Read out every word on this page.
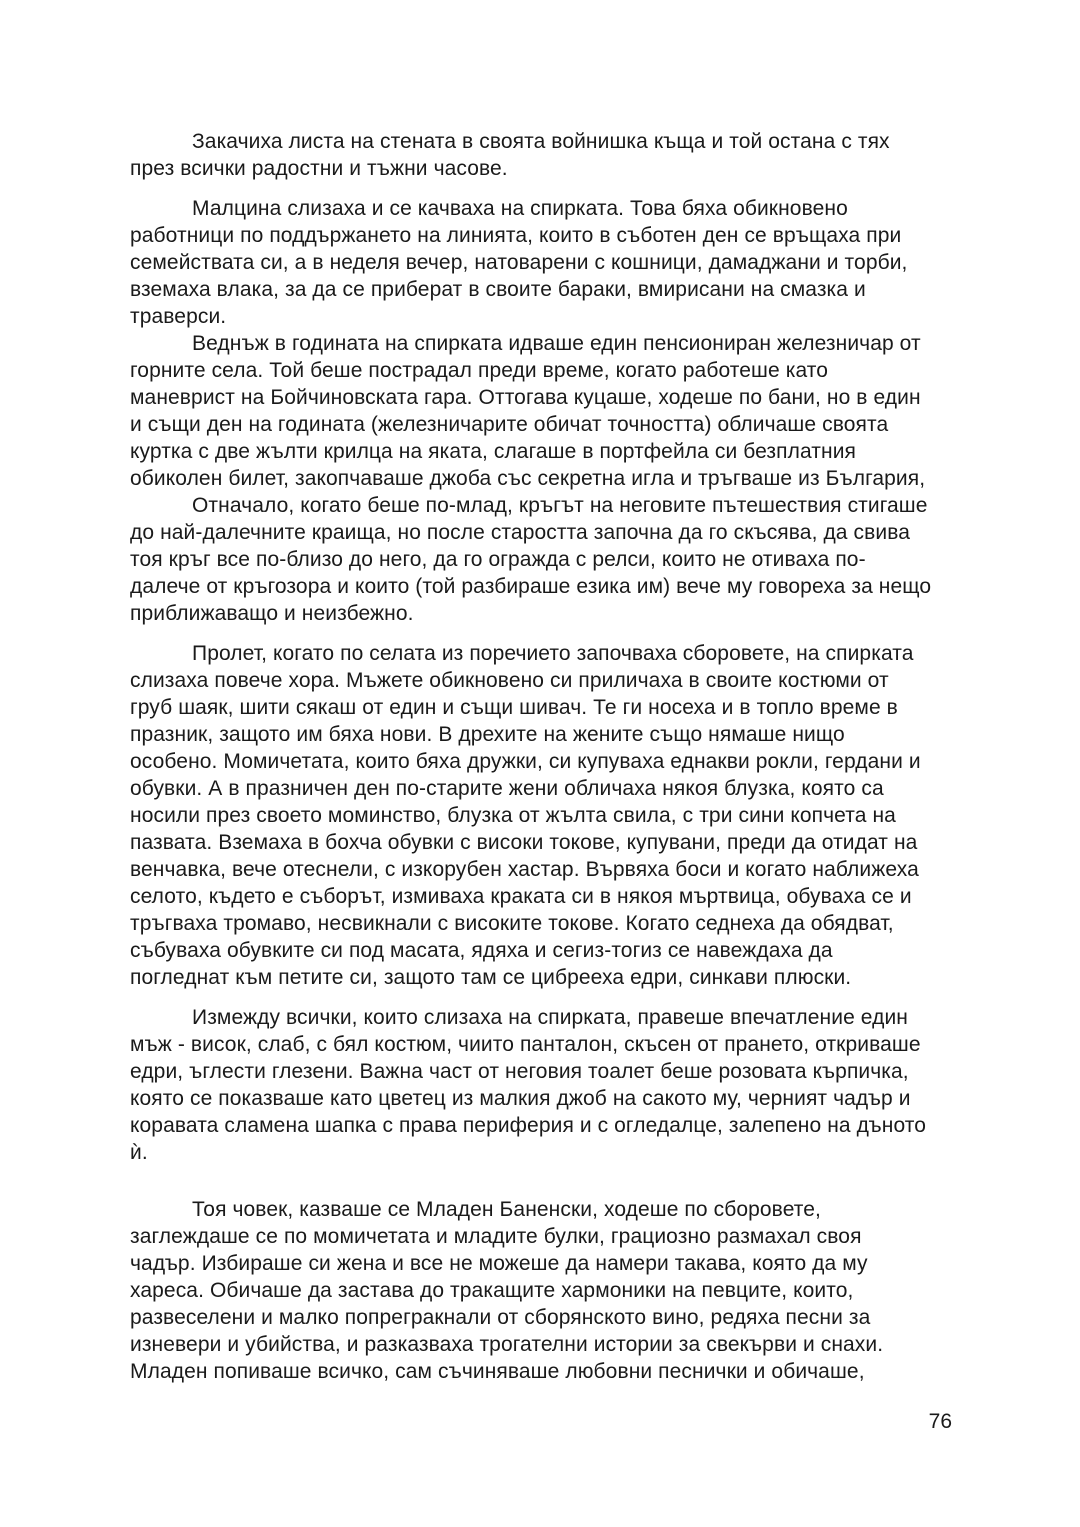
Закачиха листа на стената в своята войнишка къща и той остана с тях
през всички радостни и тъжни часове.
Малцина слизаха и се качваха на спирката. Това бяха обикновено
работници по поддържането на линията, които в съботен ден се връщаха при
семействата си, а в неделя вечер, натоварени с кошници, дамаджани и торби,
вземаха влака, за да се приберат в своите бараки, вмирисани на смазка и
траверси.
Веднъж в годината на спирката идваше един пенсиониран железничар от
горните села. Той беше пострадал преди време, когато работеше като
маневрист на Бойчиновската гара. Оттогава куцаше, ходеше по бани, но в един
и същи ден на годината (железничарите обичат точността) обличаше своята
куртка с две жълти крилца на яката, слагаше в портфейла си безплатния
обиколен билет, закопчаваше джоба със секретна игла и тръгваше из България,
Отначало, когато беше по-млад, кръгът на неговите пътешествия стигаше
до най-далечните краища, но после старостта започна да го скъсява, да свива
тоя кръг все по-близо до него, да го огражда с релси, които не отиваха по-
далече от кръгозора и които (той разбираше езика им) вече му говореха за нещо
приближаващо и неизбежно.
Пролет, когато по селата из поречието започваха сборовете, на спирката
слизаха повече хора. Мъжете обикновено си приличаха в своите костюми от
груб шаяк, шити сякаш от един и същи шивач. Те ги носеха и в топло време в
празник, защото им бяха нови. В дрехите на жените също нямаше нищо
особено. Момичетата, които бяха дружки, си купуваха еднакви рокли, гердани и
обувки. А в празничен ден по-старите жени обличаха някоя блузка, която са
носили през своето моминство, блузка от жълта свила, с три сини копчета на
пазвата. Вземаха в бохча обувки с високи токове, купувани, преди да отидат на
венчавка, вече отеснели, с изкорубен хастар. Вървяха боси и когато наближеха
селото, където е съборът, измиваха краката си в някоя мъртвица, обуваха се и
тръгваха тромаво, несвикнали с високите токове. Когато седнеха да обядват,
събуваха обувките си под масата, ядяха и сегиз-тогиз се навеждаха да
погледнат към петите си, защото там се цибрееха едри, синкави плюски.
Измежду всички, които слизаха на спирката, правеше впечатление един
мъж - висок, слаб, с бял костюм, чиито панталон, скъсен от прането, откриваше
едри, ъглести глезени. Важна част от неговия тоалет беше розовата кърпичка,
която се показваше като цветец из малкия джоб на сакото му, черният чадър и
коравата сламена шапка с права периферия и с огледалце, залепено на дъното
ѝ.
Тоя човек, казваше се Младен Баненски, ходеше по сборовете,
заглеждаше се по момичетата и младите булки, грациозно размахал своя
чадър. Избираше си жена и все не можеше да намери такава, която да му
хареса. Обичаше да застава до тракащите хармоники на певците, които,
развеселени и малко попрегракнали от сборянското вино, редяха песни за
изневери и убийства, и разказваха трогателни истории за свекърви и снахи.
Младен попиваше всичко, сам съчиняваше любовни песнички и обичаше,
76
